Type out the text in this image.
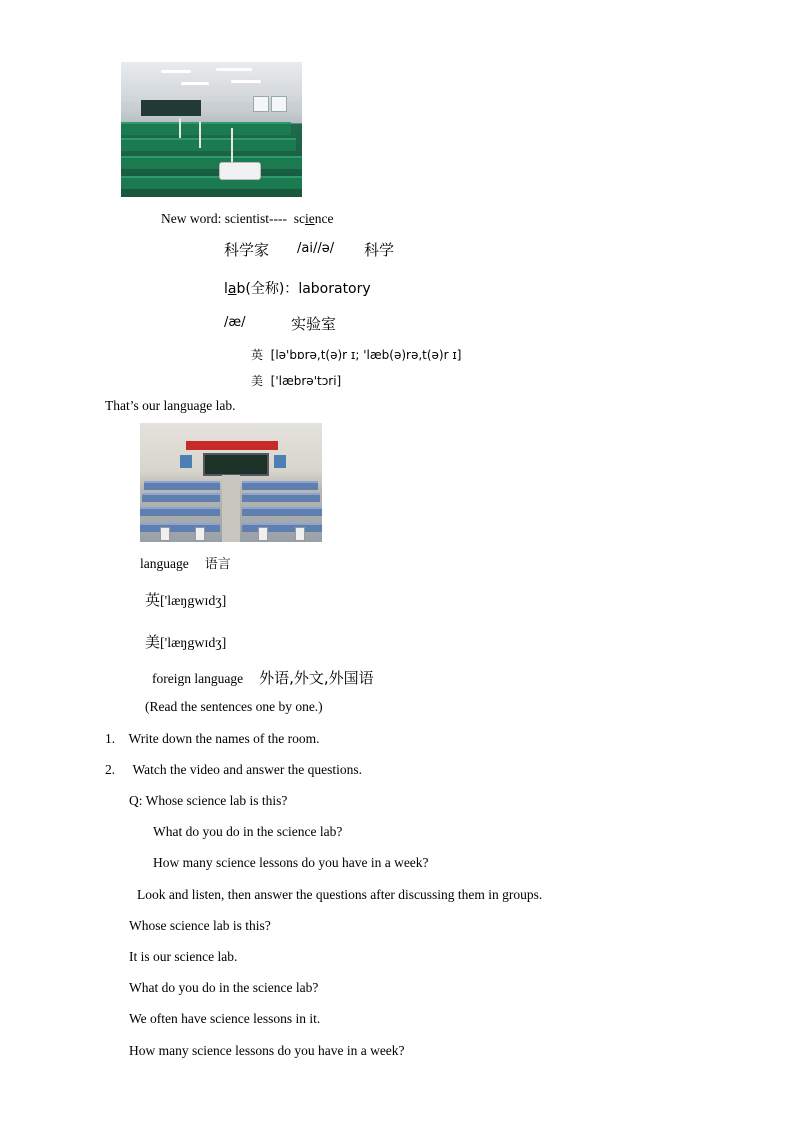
New word: scientist---- science
科学家 /ai//ə/ 科学
lab(全称)：laboratory
/æ/	实验室
英 [lə'bɒrə,t(ə)r ɪ; 'læb(ə)rə,t(ə)r ɪ]
美 ['læbrə'tɔri]
That’s our language lab.
language 语言
英['læŋgwɪdʒ]
美['læŋgwɪdʒ]
foreign language 外语,外文,外国语
(Read the sentences one by one.)
1. Write down the names of the room.
2. Watch the video and answer the questions.
Q: Whose science lab is this?
What do you do in the science lab?
How many science lessons do you have in a week?
Look and listen, then answer the questions after discussing them in groups.
Whose science lab is this?
It is our science lab.
What do you do in the science lab?
We often have science lessons in it.
How many science lessons do you have in a week?
